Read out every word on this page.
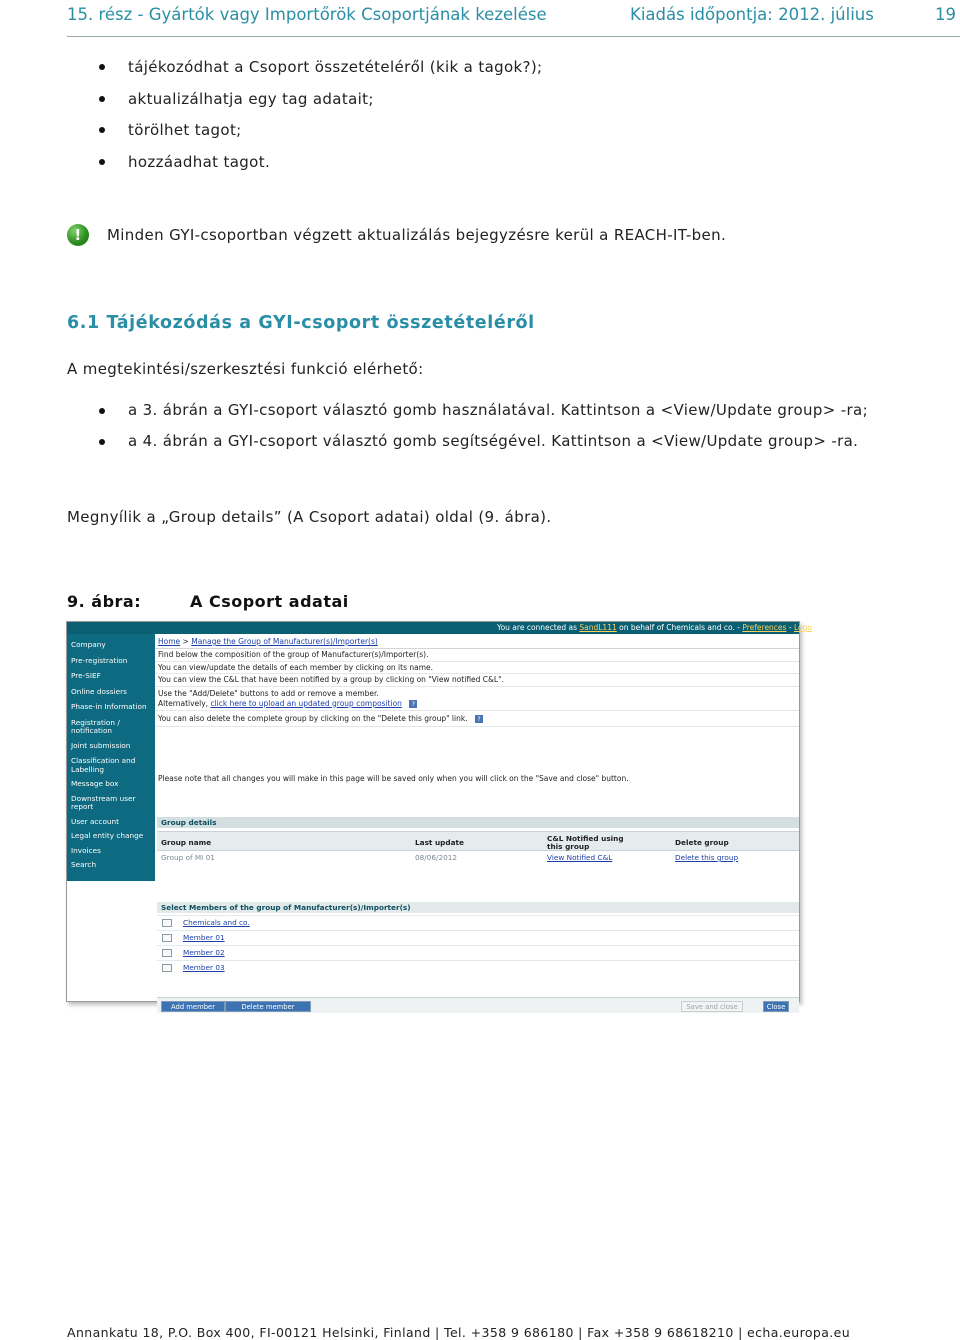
15. rész - Gyártók vagy Importőrök Csoportjának kezelése	Kiadás időpontja: 2012. július	19
tájékozódhat a Csoport összetételéről (kik a tagok?);
aktualizálhatja egy tag adatait;
törölhet tagot;
hozzáadhat tagot.
!
Minden GYI-csoportban végzett aktualizálás bejegyzésre kerül a REACH-IT-ben.
6.1 Tájékozódás a GYI-csoport összetételéről

A megtekintési/szerkesztési funkció elérhető:

a 3. ábrán a GYI-csoport választó gomb használatával. Kattintson a <View/Update group> -ra;
a 4. ábrán a GYI-csoport választó gomb segítségével. Kattintson a <View/Update group> -ra.

Megnyílik a „Group details” (A Csoport adatai) oldal (9. ábra).

9. ábra:	A Csoport adatai
You are connected as SandL111 on behalf of Chemicals and co. - Preferences - Logo
Company
Pre-registration
Pre-SIEF
Online dossiers
Phase-in Information
Registration /
notification
Joint submission
Classification and
Labelling
Message box
Downstream user
report
User account
Legal entity change
Invoices
Search
Home > Manage the Group of Manufacturer(s)/Importer(s)
Find below the composition of the group of Manufacturer(s)/Importer(s).
You can view/update the details of each member by clicking on its name.
You can view the C&L that have been notified by a group by clicking on "View notified C&L".
Use the "Add/Delete" buttons to add or remove a member.
Alternatively, click here to upload an updated group composition ?
You can also delete the complete group by clicking on the "Delete this group" link. ?
Please note that all changes you will make in this page will be saved only when you will click on the "Save and close" button.
Group details
Group name	Last update	C&L Notified using this group	Delete group
Group of MI 01	08/06/2012	View Notified C&L	Delete this group
Select Members of the group of Manufacturer(s)/Importer(s)
Chemicals and co.
Member 01
Member 02
Member 03
Add member	Delete member	Save and close	Close
Annankatu 18, P.O. Box 400, FI-00121 Helsinki, Finland | Tel. +358 9 686180 | Fax +358 9 68618210 | echa.europa.eu
